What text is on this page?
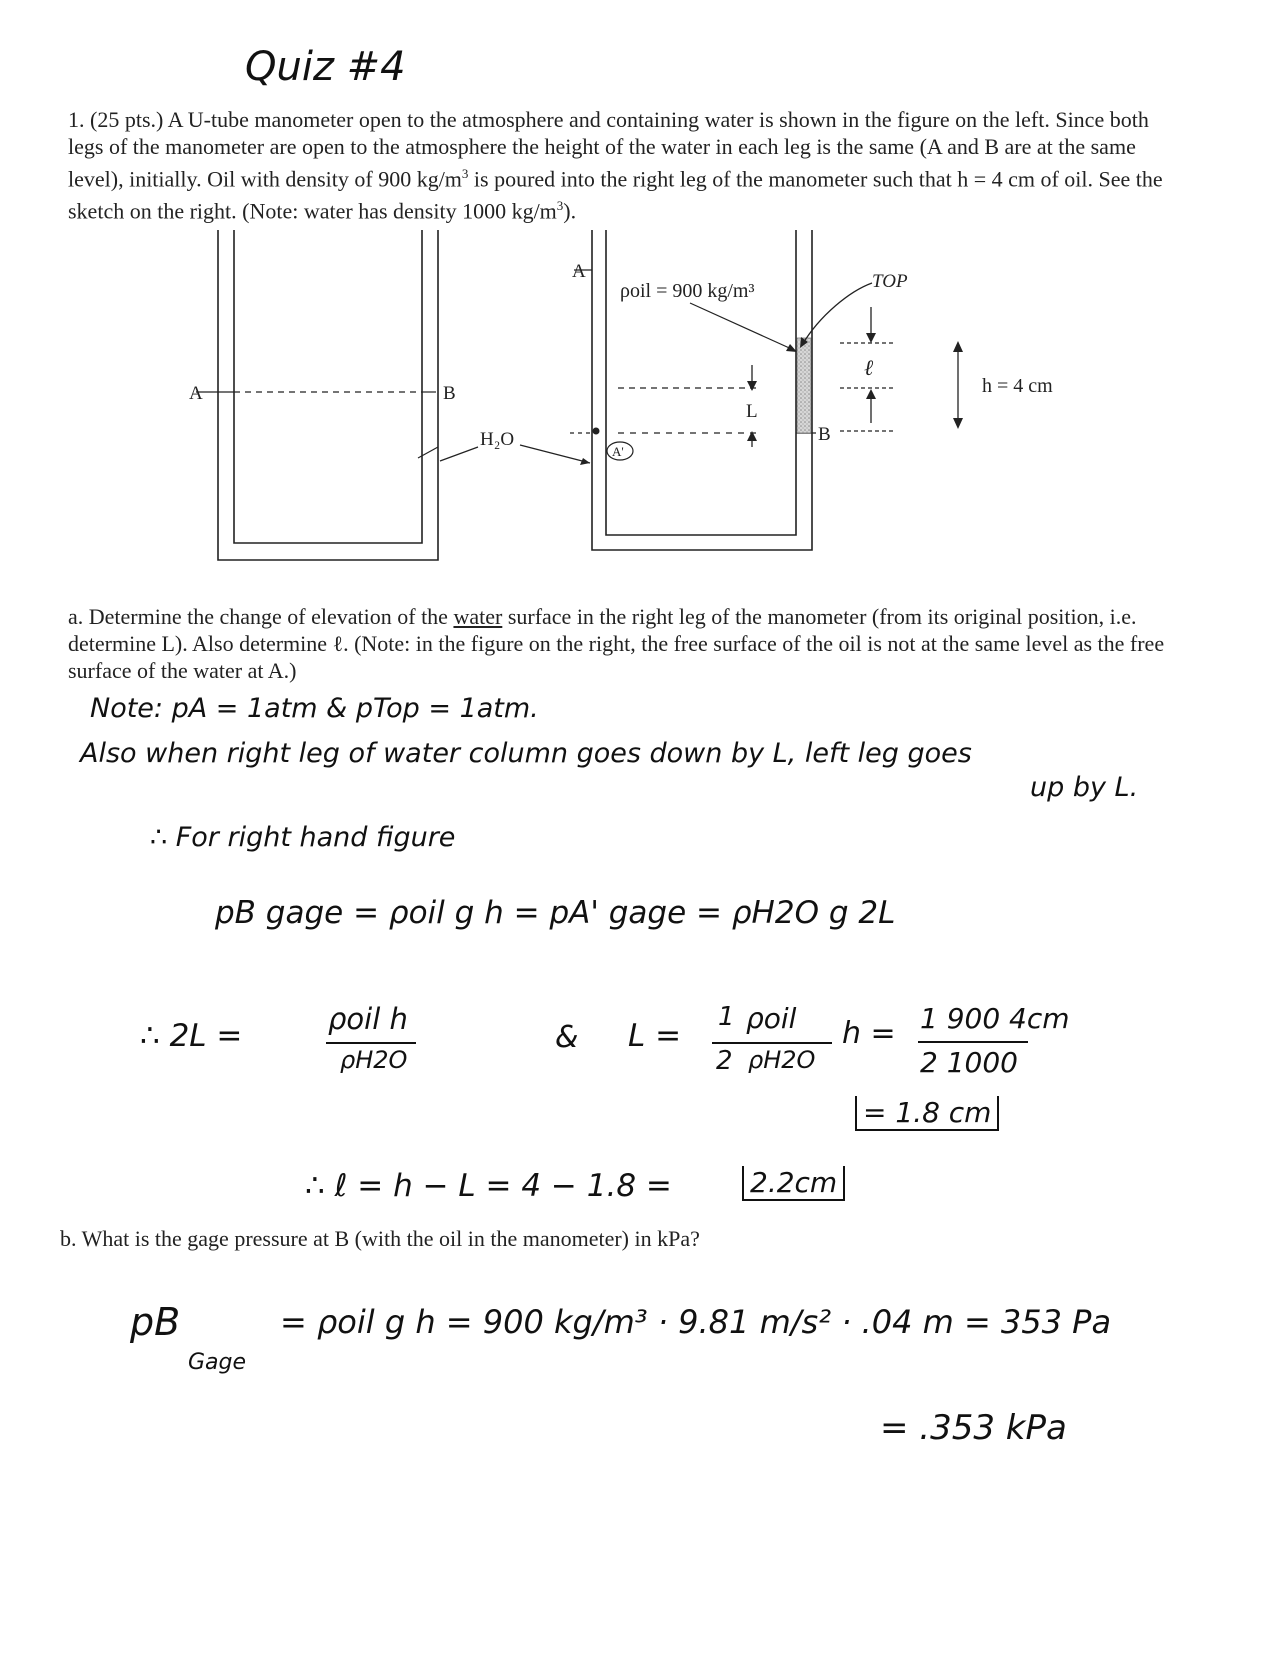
Quiz #4
1. (25 pts.) A U-tube manometer open to the atmosphere and containing water is shown in the figure on the left. Since both legs of the manometer are open to the atmosphere the height of the water in each leg is the same (A and B are at the same level), initially. Oil with density of 900 $kg/m^3$ is poured into the right leg of the manometer such that h = 4 cm of oil. See the sketch on the right. (Note: water has density 1000 $kg/m^3$).
A	B
H₂O
A'
A
B
ρoil = 900 kg/m³	TOP
L
ℓ
h = 4 cm
a. Determine the change of elevation of the water surface in the right leg of the manometer (from its original position, i.e. determine L). Also determine ℓ. (Note: in the figure on the right, the free surface of the oil is not at the same level as the free surface of the water at A.)
Note: pA = 1atm & pTop = 1atm.
Also when right leg of water column goes down by L, left leg goes
up by L.
∴ For right hand figure
pB gage = ρoil g h = pA' gage = ρH2O g 2L
∴ 2L =	ρoil h
ρH2O
& L =
1
2
ρoil
ρH2O
h = 1 900 4cm
2 1000
= 1.8 cm
∴ ℓ = h − L = 4 − 1.8 =	2.2cm
b. What is the gage pressure at B (with the oil in the manometer) in kPa?
pB
Gage
= ρoil g h = 900 kg/m³ · 9.81 m/s² · .04 m = 353 Pa
= .353 kPa
